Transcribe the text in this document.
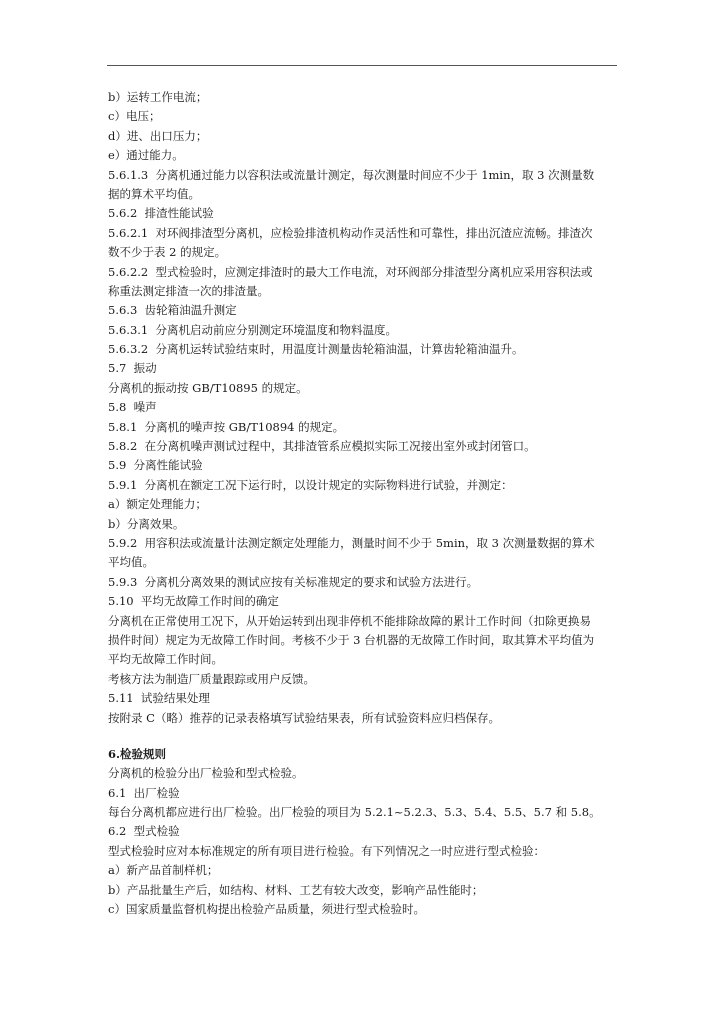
b）运转工作电流；
c）电压；
d）进、出口压力；
e）通过能力。
5.6.1.3  分离机通过能力以容积法或流量计测定，每次测量时间应不少于 1min，取 3 次测量数
据的算术平均值。
5.6.2  排渣性能试验
5.6.2.1  对环阀排渣型分离机，应检验排渣机构动作灵活性和可靠性，排出沉渣应流畅。排渣次
数不少于表 2 的规定。
5.6.2.2  型式检验时，应测定排渣时的最大工作电流，对环阀部分排渣型分离机应采用容积法或
称重法测定排渣一次的排渣量。
5.6.3  齿轮箱油温升测定
5.6.3.1  分离机启动前应分别测定环境温度和物料温度。
5.6.3.2  分离机运转试验结束时，用温度计测量齿轮箱油温，计算齿轮箱油温升。
5.7  振动
分离机的振动按 GB/T10895 的规定。
5.8  噪声
5.8.1  分离机的噪声按 GB/T10894 的规定。
5.8.2  在分离机噪声测试过程中，其排渣管系应模拟实际工况接出室外或封闭管口。
5.9  分离性能试验
5.9.1  分离机在额定工况下运行时，以设计规定的实际物料进行试验，并测定：
a）额定处理能力；
b）分离效果。
5.9.2  用容积法或流量计法测定额定处理能力，测量时间不少于 5min，取 3 次测量数据的算术
平均值。
5.9.3  分离机分离效果的测试应按有关标准规定的要求和试验方法进行。
5.10  平均无故障工作时间的确定
分离机在正常使用工况下，从开始运转到出现非停机不能排除故障的累计工作时间（扣除更换易
损件时间）规定为无故障工作时间。考核不少于 3 台机器的无故障工作时间，取其算术平均值为
平均无故障工作时间。
考核方法为制造厂质量跟踪或用户反馈。
5.11  试验结果处理
按附录 C（略）推荐的记录表格填写试验结果表，所有试验资料应归档保存。
6.检验规则
分离机的检验分出厂检验和型式检验。
6.1  出厂检验
每台分离机都应进行出厂检验。出厂检验的项目为 5.2.1~5.2.3、5.3、5.4、5.5、5.7 和 5.8。
6.2  型式检验
型式检验时应对本标准规定的所有项目进行检验。有下列情况之一时应进行型式检验：
a）新产品首制样机；
b）产品批量生产后，如结构、材料、工艺有较大改变，影响产品性能时；
c）国家质量监督机构提出检验产品质量，须进行型式检验时。
